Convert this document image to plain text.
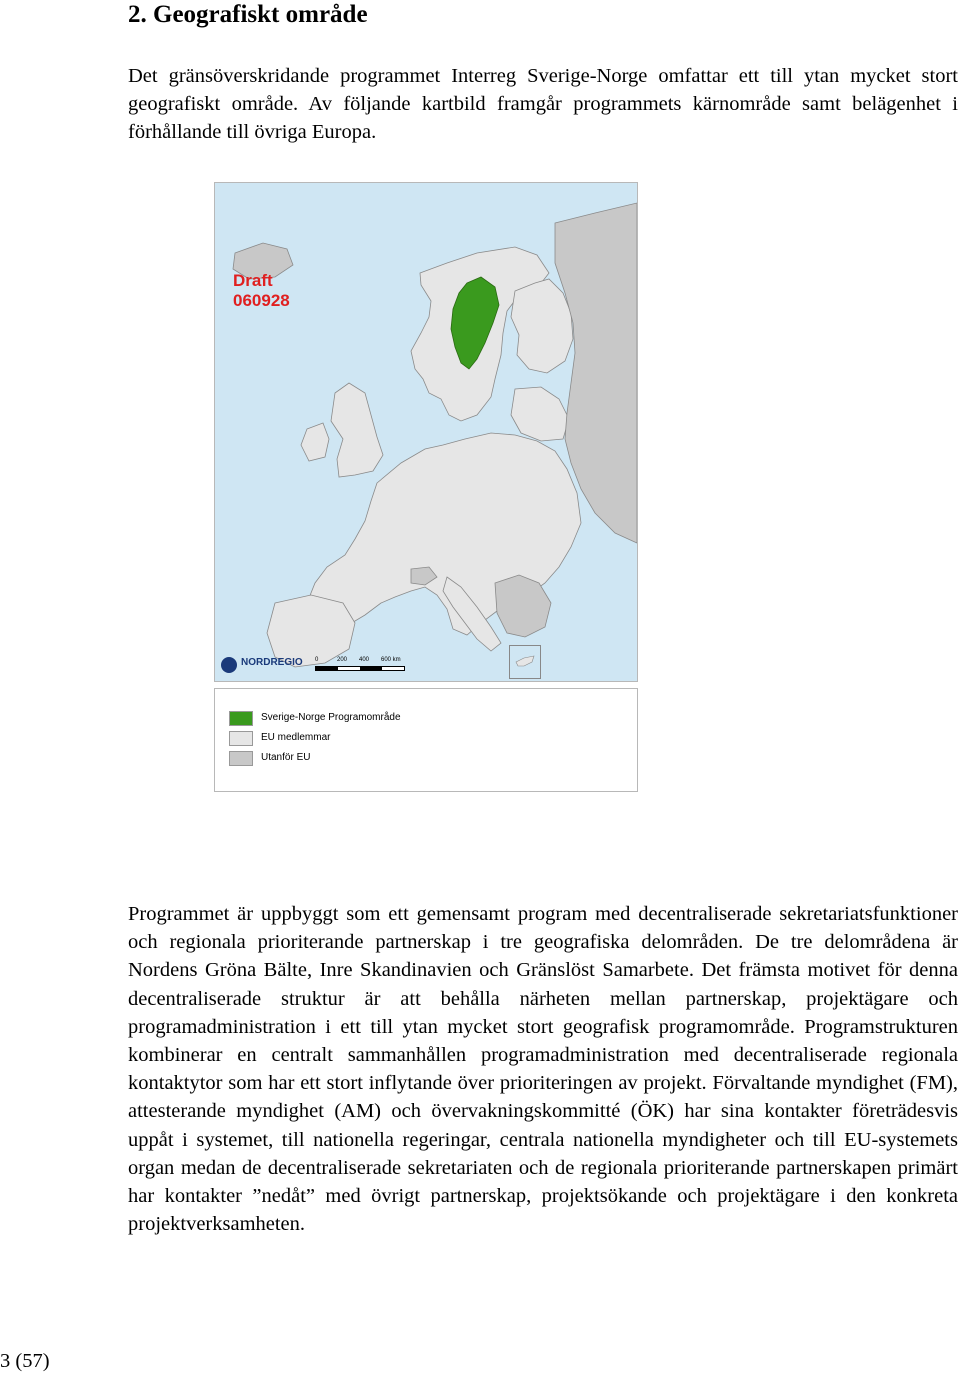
2. Geografiskt område

Det gränsöverskridande programmet Interreg Sverige-Norge omfattar ett till ytan mycket stort geografiskt område. Av följande kartbild framgår programmets kärnområde samt belägenhet i förhållande till övriga Europa.

Draft
060928
NORDREGIO 0	200 400 600 km
Sverige-Norge Programområde
EU medlemmar
Utanför EU

Programmet är uppbyggt som ett gemensamt program med decentraliserade sekretariatsfunktioner och regionala prioriterande partnerskap i tre geografiska delområden. De tre delområdena är Nordens Gröna Bälte, Inre Skandinavien och Gränslöst Samarbete. Det främsta motivet för denna decentraliserade struktur är att behålla närheten mellan partnerskap, projektägare och programadministration i ett till ytan mycket stort geografisk programområde. Programstrukturen kombinerar en centralt sammanhållen programadministration med decentraliserade regionala kontaktytor som har ett stort inflytande över prioriteringen av projekt. Förvaltande myndighet (FM), attesterande myndighet (AM) och övervakningskommitté (ÖK) har sina kontakter företrädesvis uppåt i systemet, till nationella regeringar, centrala nationella myndigheter och till EU-systemets organ medan de decentraliserade sekretariaten och de regionala prioriterande partnerskapen primärt har kontakter ”nedåt” med övrigt partnerskap, projektsökande och projektägare i den konkreta projektverksamheten.

3 (57)
